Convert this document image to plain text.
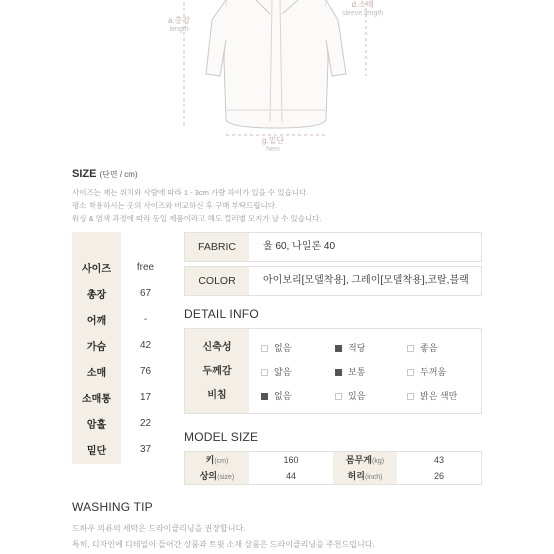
a.총장
length
d.소매
sleeve length
g.밑단
hem
SIZE (단면 / cm)
사이즈는 재는 위치와 사람에 따라 1 - 3cm 가량 차이가 있을 수 있습니다.
평소 착용하시는 옷의 사이즈와 비교하신 후 구매 부탁드립니다.
워싱 & 염색 과정에 따라 동일 제품이라고 해도 컬러별 모지가 날 수 있습니다.
사이즈	free
총장	67
어깨	-
가슴	42
소매	76
소매통	17
암홀	22
밑단	37
FABRIC	울 60, 나일론 40
COLOR	아이보리[모델착용], 그레이[모델착용],코랄,블랙
DETAIL INFO
신축성	없음	적당	좋음
두께감	얇음	보통	두꺼움
비침	없음	있음	밝은 색만
MODEL SIZE
키(cm)	160	몸무게(kg)	43
상의(size)	44	허리(inch)	26
WASHING TIP
드하우 의류의 세탁은 드라이클리닝을 권장합니다.
특히, 디자인에 디테일이 들어간 상품과 트윗 소재 상품은 드라이클리닝을 주천드립니다.
